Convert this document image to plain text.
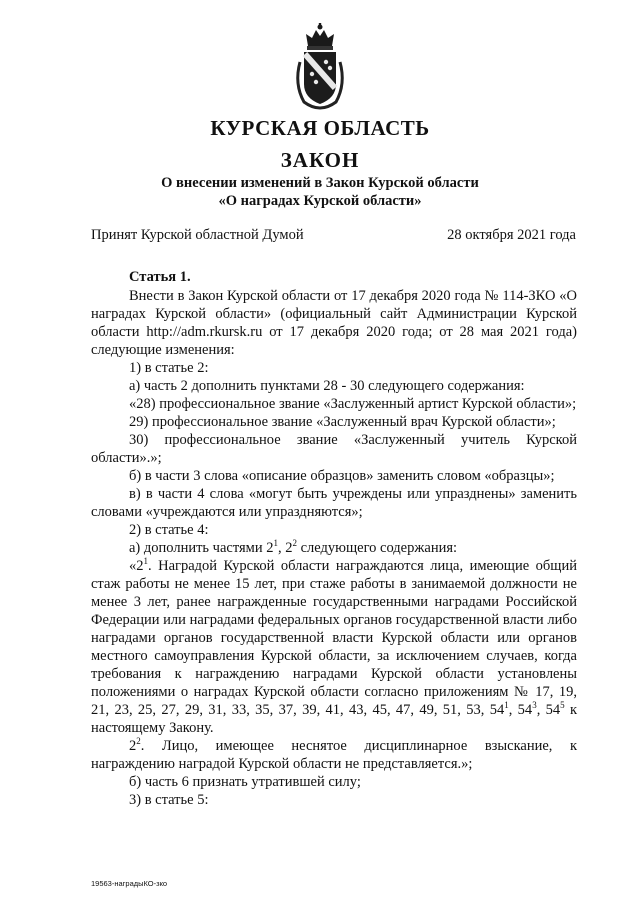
КУРСКАЯ ОБЛАСТЬ
ЗАКОН
О внесении изменений в Закон Курской области
«О наградах Курской области»
Принят Курской областной Думой	28 октября 2021 года

Статья 1.

Внести в Закон Курской области от 17 декабря 2020 года № 114-ЗКО «О наградах Курской области» (официальный сайт Администрации Курской области http://adm.rkursk.ru от 17 декабря 2020 года; от 28 мая 2021 года) следующие изменения:

1) в статье 2:

а) часть 2 дополнить пунктами 28 - 30 следующего содержания:

«28) профессиональное звание «Заслуженный артист Курской области»;

29) профессиональное звание «Заслуженный врач Курской области»;

30) профессиональное звание «Заслуженный учитель Курской области».»;

б) в части 3 слова «описание образцов» заменить словом «образцы»;

в) в части 4 слова «могут быть учреждены или упразднены» заменить словами «учреждаются или упраздняются»;

2) в статье 4:

а) дополнить частями $2^1$, $2^2$ следующего содержания:

«$2^1$. Наградой Курской области награждаются лица, имеющие общий стаж работы не менее 15 лет, при стаже работы в занимаемой должности не менее 3 лет, ранее награжденные государственными наградами Российской Федерации или наградами федеральных органов государственной власти либо наградами органов государственной власти Курской области или органов местного самоуправления Курской области, за исключением случаев, когда требования к награждению наградами Курской области установлены положениями о наградах Курской области согласно приложениям № 17, 19, 21, 23, 25, 27, 29, 31, 33, 35, 37, 39, 41, 43, 45, 47, 49, 51, 53, $54^1$, $54^3$, $54^5$ к настоящему Закону.

$2^2$. Лицо, имеющее неснятое дисциплинарное взыскание, к награждению наградой Курской области не представляется.»;

б) часть 6 признать утратившей силу;

3) в статье 5:

19563-наградыКО-зко
